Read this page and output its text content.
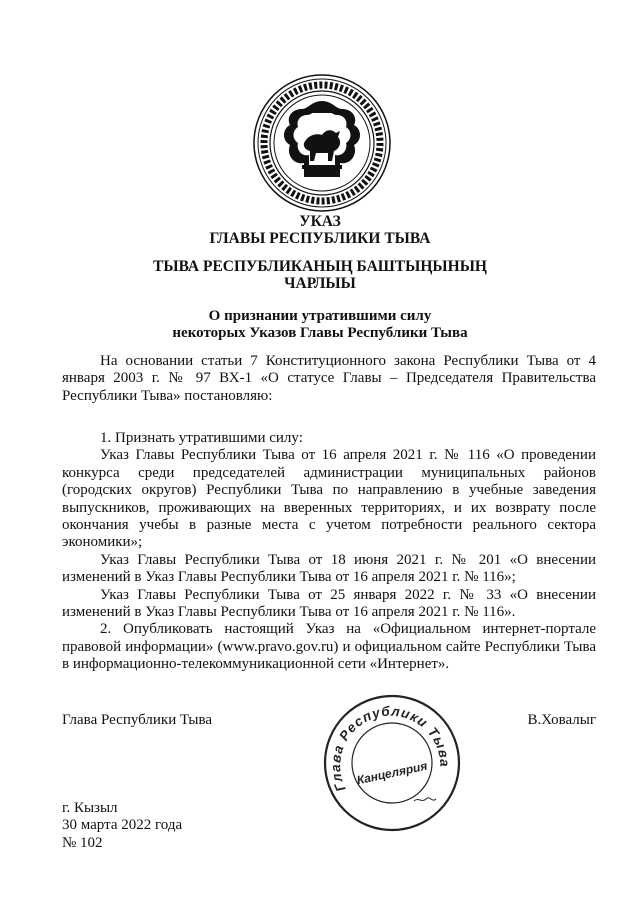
УКАЗ
ГЛАВЫ РЕСПУБЛИКИ ТЫВА
ТЫВА РЕСПУБЛИКАНЫҢ БАШТЫҢЫНЫҢ
ЧАРЛЫЫ
О признании утратившими силу
некоторых Указов Главы Республики Тыва

На основании статьи 7 Конституционного закона Республики Тыва от 4 января 2003 г. № 97 ВХ-1 «О статусе Главы – Председателя Правительства Республики Тыва» постановляю:

1. Признать утратившими силу:

Указ Главы Республики Тыва от 16 апреля 2021 г. № 116 «О проведении конкурса среди председателей администрации муниципальных районов (городских округов) Республики Тыва по направлению в учебные заведения выпускников, проживающих на вверенных территориях, и их возврату после окончания учебы в разные места с учетом потребности реального сектора экономики»;

Указ Главы Республики Тыва от 18 июня 2021 г. № 201 «О внесении изменений в Указ Главы Республики Тыва от 16 апреля 2021 г. № 116»;

Указ Главы Республики Тыва от 25 января 2022 г. № 33 «О внесении изменений в Указ Главы Республики Тыва от 16 апреля 2021 г. № 116».

2. Опубликовать настоящий Указ на «Официальном интернет-портале правовой информации» (www.pravo.gov.ru) и официальном сайте Республики Тыва в информационно-телекоммуникационной сети «Интернет».

Глава Республики Тыва	В.Ховалыг
Глава Республики Тыва
Канцелярия
г. Кызыл
30 марта 2022 года
№ 102
